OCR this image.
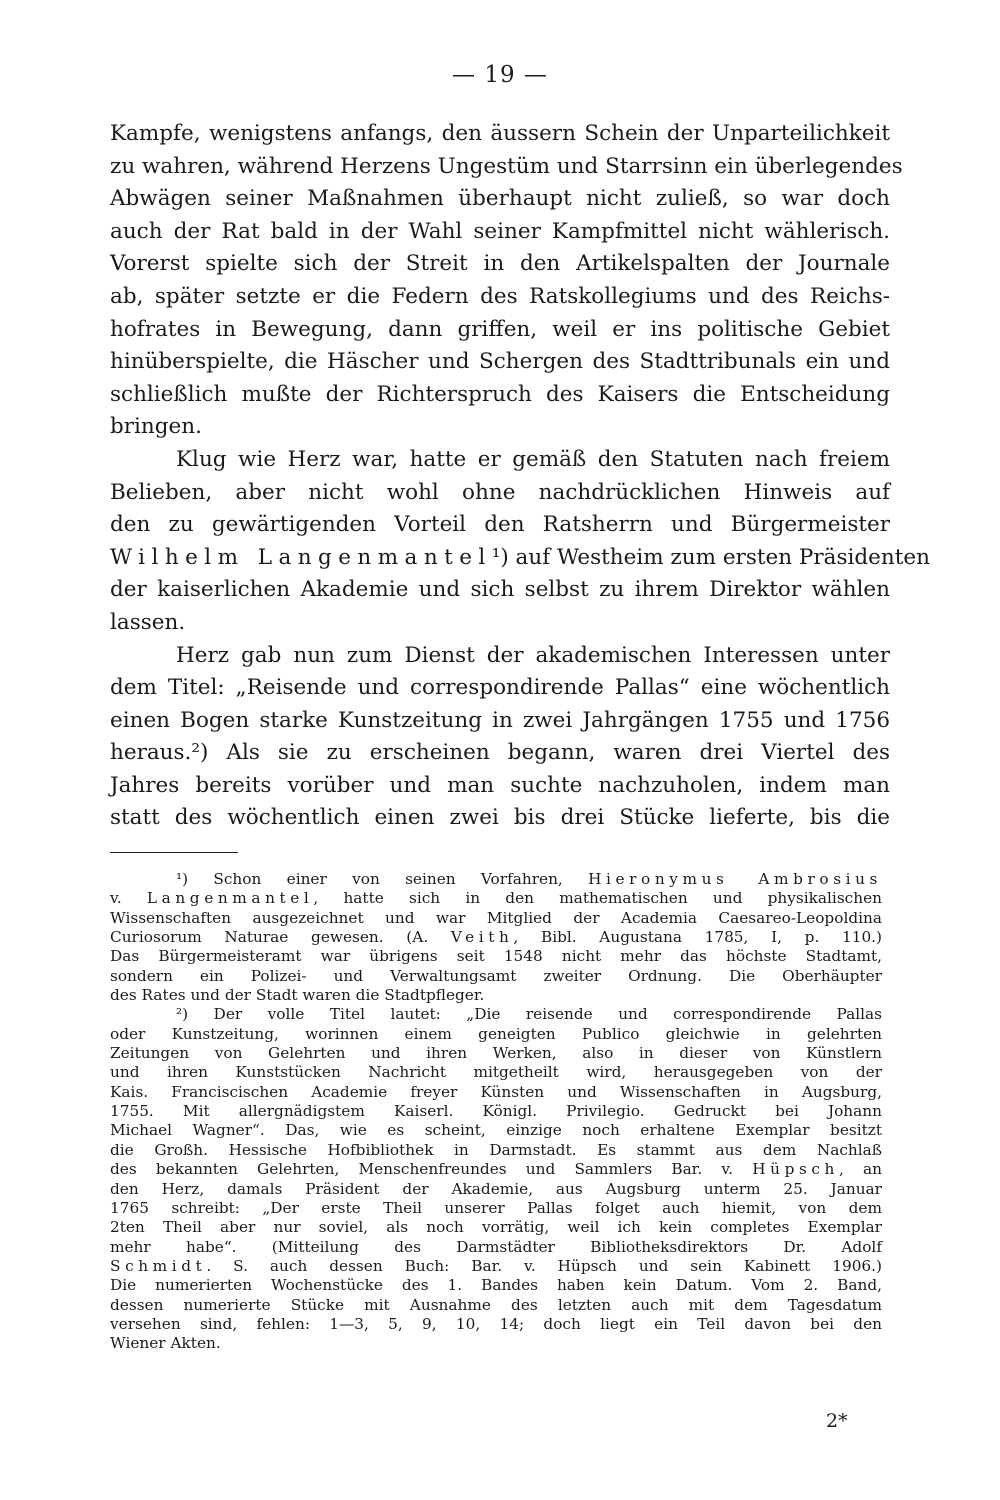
— 19 —
Kampfe, wenigstens anfangs, den äussern Schein der Unparteilichkeit
zu wahren, während Herzens Ungestüm und Starrsinn ein überlegendes
Abwägen seiner Maßnahmen überhaupt nicht zuließ, so war doch
auch der Rat bald in der Wahl seiner Kampfmittel nicht wählerisch.
Vorerst spielte sich der Streit in den Artikelspalten der Journale
ab, später setzte er die Federn des Ratskollegiums und des Reichs-
hofrates in Bewegung, dann griffen, weil er ins politische Gebiet
hinüberspielte, die Häscher und Schergen des Stadttribunals ein und
schließlich mußte der Richterspruch des Kaisers die Entscheidung
bringen.
Klug wie Herz war, hatte er gemäß den Statuten nach freiem
Belieben, aber nicht wohl ohne nachdrücklichen Hinweis auf
den zu gewärtigenden Vorteil den Ratsherrn und Bürgermeister
Wilhelm Langenmantel¹) auf Westheim zum ersten Präsidenten
der kaiserlichen Akademie und sich selbst zu ihrem Direktor wählen
lassen.
Herz gab nun zum Dienst der akademischen Interessen unter
dem Titel: „Reisende und correspondirende Pallas“ eine wöchentlich
einen Bogen starke Kunstzeitung in zwei Jahrgängen 1755 und 1756
heraus.²) Als sie zu erscheinen begann, waren drei Viertel des
Jahres bereits vorüber und man suchte nachzuholen, indem man
statt des wöchentlich einen zwei bis drei Stücke lieferte, bis die
¹) Schon einer von seinen Vorfahren, Hieronymus Ambrosius
v. Langenmantel, hatte sich in den mathematischen und physikalischen
Wissenschaften ausgezeichnet und war Mitglied der Academia Caesareo-Leopoldina
Curiosorum Naturae gewesen. (A. Veith, Bibl. Augustana 1785, I, p. 110.)
Das Bürgermeisteramt war übrigens seit 1548 nicht mehr das höchste Stadtamt,
sondern ein Polizei- und Verwaltungsamt zweiter Ordnung. Die Oberhäupter
des Rates und der Stadt waren die Stadtpfleger.
²) Der volle Titel lautet: „Die reisende und correspondirende Pallas
oder Kunstzeitung, worinnen einem geneigten Publico gleichwie in gelehrten
Zeitungen von Gelehrten und ihren Werken, also in dieser von Künstlern
und ihren Kunststücken Nachricht mitgetheilt wird, herausgegeben von der
Kais. Franciscischen Academie freyer Künsten und Wissenschaften in Augsburg,
1755. Mit allergnädigstem Kaiserl. Königl. Privilegio. Gedruckt bei Johann
Michael Wagner“. Das, wie es scheint, einzige noch erhaltene Exemplar besitzt
die Großh. Hessische Hofbibliothek in Darmstadt. Es stammt aus dem Nachlaß
des bekannten Gelehrten, Menschenfreundes und Sammlers Bar. v. Hüpsch, an
den Herz, damals Präsident der Akademie, aus Augsburg unterm 25. Januar
1765 schreibt: „Der erste Theil unserer Pallas folget auch hiemit, von dem
2ten Theil aber nur soviel, als noch vorrätig, weil ich kein completes Exemplar
mehr habe“. (Mitteilung des Darmstädter Bibliotheksdirektors Dr. Adolf
Schmidt. S. auch dessen Buch: Bar. v. Hüpsch und sein Kabinett 1906.)
Die numerierten Wochenstücke des 1. Bandes haben kein Datum. Vom 2. Band,
dessen numerierte Stücke mit Ausnahme des letzten auch mit dem Tagesdatum
versehen sind, fehlen: 1—3, 5, 9, 10, 14; doch liegt ein Teil davon bei den
Wiener Akten.
2*
